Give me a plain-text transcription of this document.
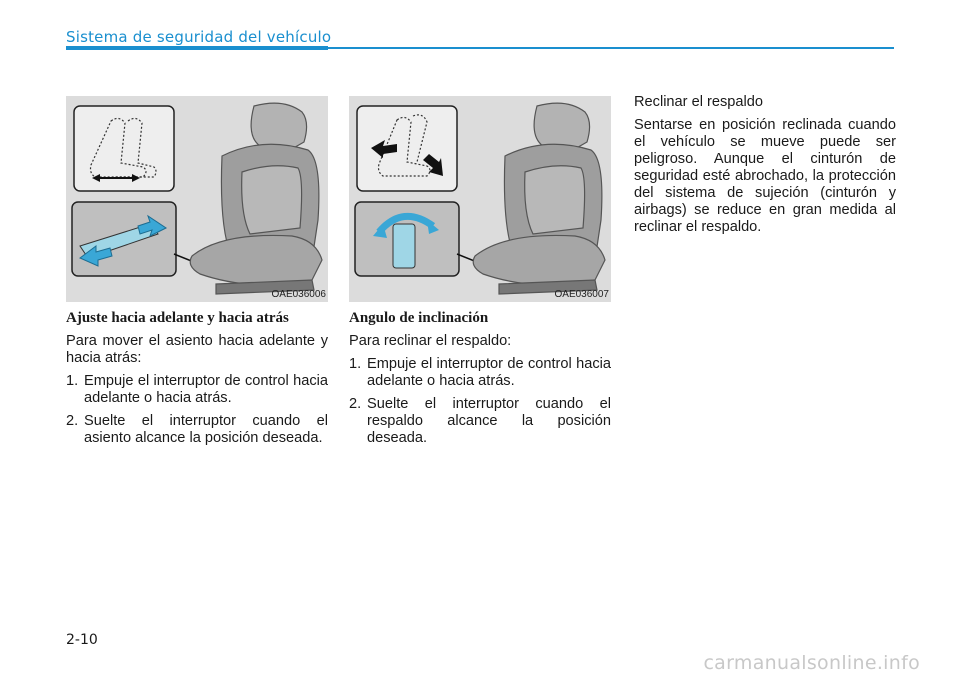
Sistema de seguridad del vehículo
OAE036006	OAE036007

Ajuste hacia adelante y hacia atrás

Para mover el asiento hacia adelante y hacia atrás:

1. Empuje el interruptor de control hacia adelante o hacia atrás.
2. Suelte el interruptor cuando el asiento alcance la posición deseada.

Angulo de inclinación

Para reclinar el respaldo:

1. Empuje el interruptor de control hacia adelante o hacia atrás.
2. Suelte el interruptor cuando el respaldo alcance la posición deseada.

Reclinar el respaldo

Sentarse en posición reclinada cuando el vehículo se mueve puede ser peligroso. Aunque el cinturón de seguridad esté abrochado, la protección del sistema de sujeción (cinturón y airbags) se reduce en gran medida al reclinar el respaldo.

2-10
carmanualsonline.info
